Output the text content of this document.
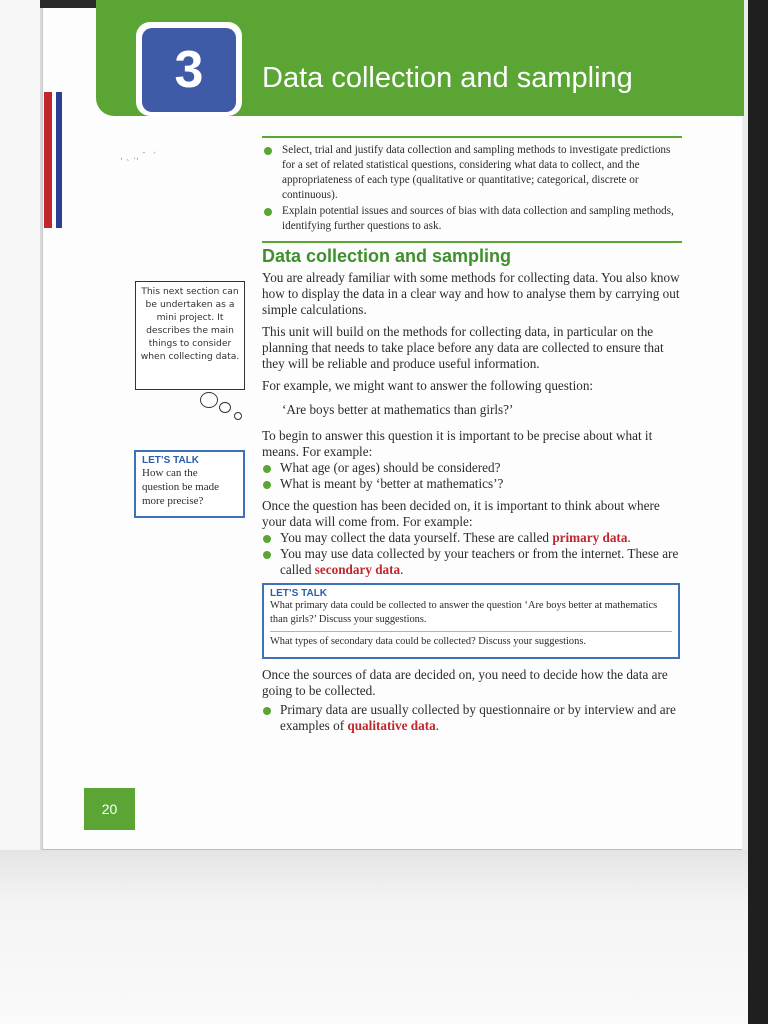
3	Data collection and sampling
‚ ˛ .‚ ˘  ´
Select, trial and justify data collection and sampling methods to investigate predictions for a set of related statistical questions, considering what data to collect, and the appropriateness of each type (qualitative or quantitative; categorical, discrete or continuous).
Explain potential issues and sources of bias with data collection and sampling methods, identifying further questions to ask.
Data collection and sampling

You are already familiar with some methods for collecting data. You also know how to display the data in a clear way and how to analyse them by carrying out simple calculations.

This unit will build on the methods for collecting data, in particular on the planning that needs to take place before any data are collected to ensure that they will be reliable and produce useful information.

For example, we might want to answer the following question:

‘Are boys better at mathematics than girls?’

To begin to answer this question it is important to be precise about what it means. For example:

What age (or ages) should be considered?
What is meant by ‘better at mathematics’?

Once the question has been decided on, it is important to think about where your data will come from. For example:

You may collect the data yourself. These are called primary data.
You may use data collected by your teachers or from the internet. These are called secondary data.
LET’S TALK
What primary data could be collected to answer the question ‘Are boys better at mathematics than girls?’ Discuss your suggestions.
What types of secondary data could be collected? Discuss your suggestions.

Once the sources of data are decided on, you need to decide how the data are going to be collected.

Primary data are usually collected by questionnaire or by interview and are examples of qualitative data.
This next section can be undertaken as a mini project. It describes the main things to consider when collecting data.
LET’S TALK
How can the question be made more precise?
20
